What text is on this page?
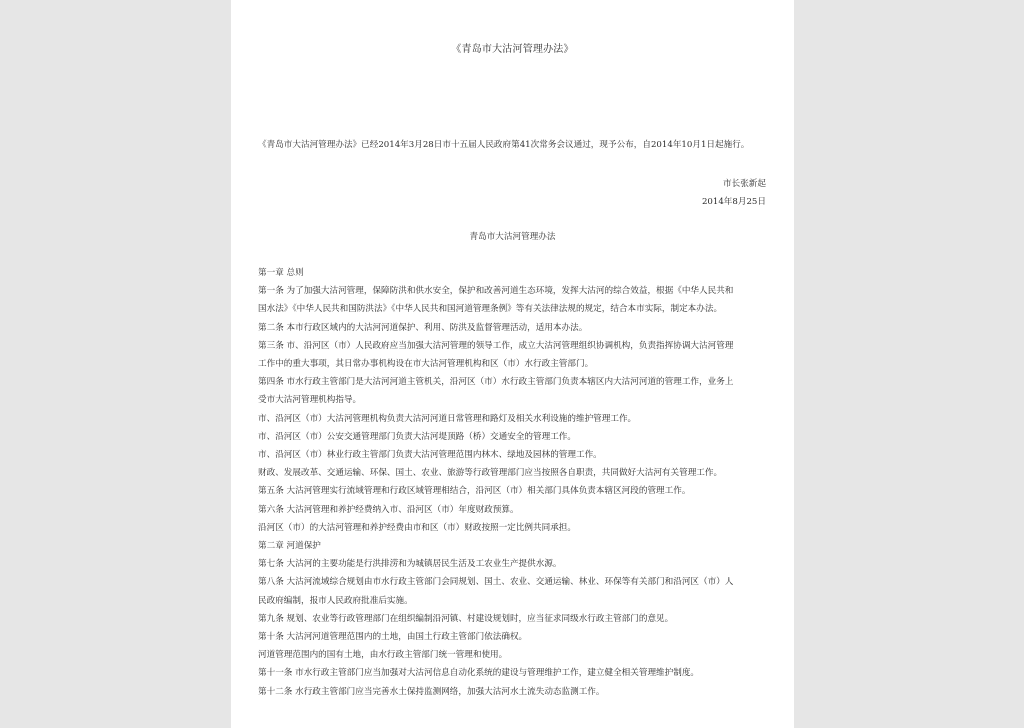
《青岛市大沽河管理办法》
《青岛市大沽河管理办法》已经2014年3月28日市十五届人民政府第41次常务会议通过，现予公布，自2014年10月1日起施行。
市长张新起
2014年8月25日
青岛市大沽河管理办法
第一章 总则
第一条 为了加强大沽河管理，保障防洪和供水安全，保护和改善河道生态环境，发挥大沽河的综合效益，根据《中华人民共和
国水法》《中华人民共和国防洪法》《中华人民共和国河道管理条例》等有关法律法规的规定，结合本市实际，制定本办法。
第二条 本市行政区域内的大沽河河道保护、利用、防洪及监督管理活动，适用本办法。
第三条 市、沿河区（市）人民政府应当加强大沽河管理的领导工作，成立大沽河管理组织协调机构，负责指挥协调大沽河管理
工作中的重大事项，其日常办事机构设在市大沽河管理机构和区（市）水行政主管部门。
第四条 市水行政主管部门是大沽河河道主管机关，沿河区（市）水行政主管部门负责本辖区内大沽河河道的管理工作，业务上
受市大沽河管理机构指导。
市、沿河区（市）大沽河管理机构负责大沽河河道日常管理和路灯及相关水利设施的维护管理工作。
市、沿河区（市）公安交通管理部门负责大沽河堤顶路（桥）交通安全的管理工作。
市、沿河区（市）林业行政主管部门负责大沽河管理范围内林木、绿地及园林的管理工作。
财政、发展改革、交通运输、环保、国土、农业、旅游等行政管理部门应当按照各自职责，共同做好大沽河有关管理工作。
第五条 大沽河管理实行流域管理和行政区域管理相结合，沿河区（市）相关部门具体负责本辖区河段的管理工作。
第六条 大沽河管理和养护经费纳入市、沿河区（市）年度财政预算。
沿河区（市）的大沽河管理和养护经费由市和区（市）财政按照一定比例共同承担。
第二章 河道保护
第七条 大沽河的主要功能是行洪排涝和为城镇居民生活及工农业生产提供水源。
第八条 大沽河流域综合规划由市水行政主管部门会同规划、国土、农业、交通运输、林业、环保等有关部门和沿河区（市）人
民政府编制，报市人民政府批准后实施。
第九条 规划、农业等行政管理部门在组织编制沿河镇、村建设规划时，应当征求同级水行政主管部门的意见。
第十条 大沽河河道管理范围内的土地，由国土行政主管部门依法确权。
河道管理范围内的国有土地，由水行政主管部门统一管理和使用。
第十一条 市水行政主管部门应当加强对大沽河信息自动化系统的建设与管理维护工作，建立健全相关管理维护制度。
第十二条 水行政主管部门应当完善水土保持监测网络，加强大沽河水土流失动态监测工作。
